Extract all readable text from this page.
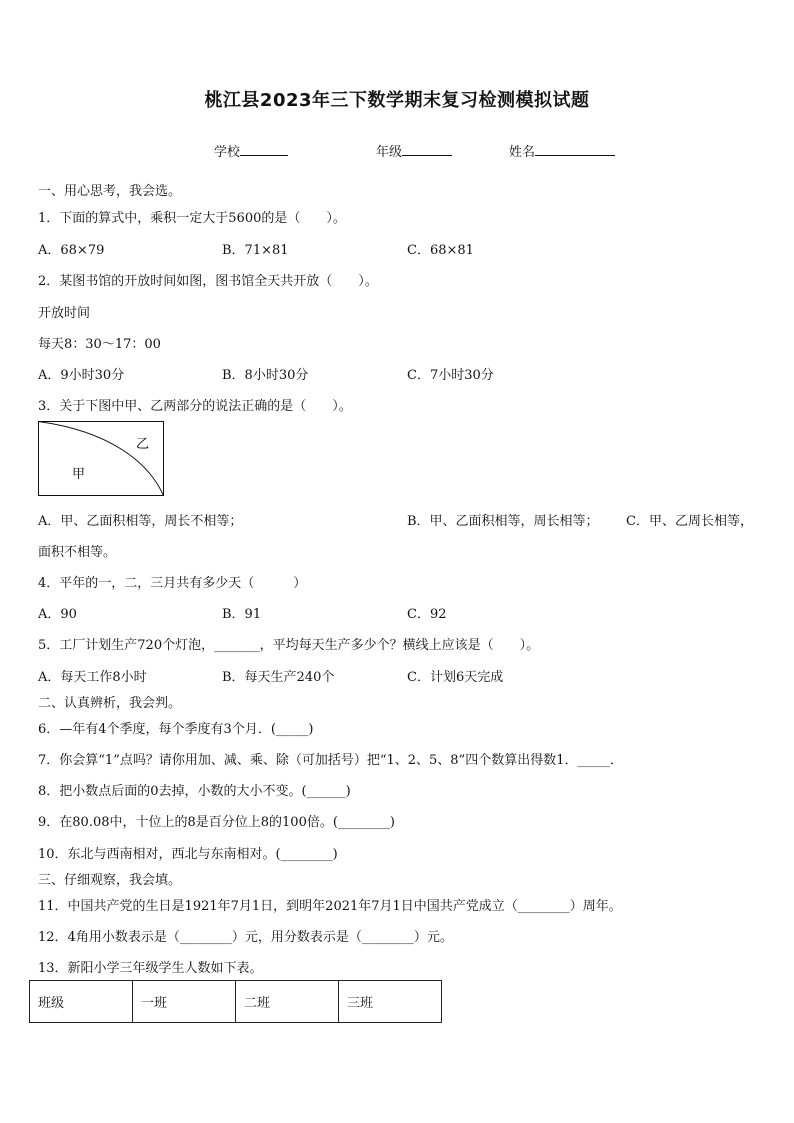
桃江县2023年三下数学期末复习检测模拟试题
学校	年级	姓名
一、用心思考，我会选。
1．下面的算式中，乘积一定大于5600的是（　　）。
A．68×79	B．71×81	C．68×81
2．某图书馆的开放时间如图，图书馆全天共开放（　　）。
开放时间
每天8：30～17：00
A．9小时30分	B．8小时30分	C．7小时30分
3．关于下图中甲、乙两部分的说法正确的是（　　）。
甲
乙
A．甲、乙面积相等，周长不相等；	B．甲、乙面积相等，周长相等； C．甲、乙周长相等，
面积不相等。
4．平年的一，二，三月共有多少天（　　　）
A．90	B．91	C．92
5．工厂计划生产720个灯泡，_______，平均每天生产多少个？横线上应该是（　　）。
A．每天工作8小时	B．每天生产240个	C．计划6天完成
二、认真辨析，我会判。
6．—年有4个季度，每个季度有3个月．(_____)
7．你会算“1”点吗？请你用加、减、乘、除（可加括号）把“1、2、5、8”四个数算出得数1．_____．
8．把小数点后面的0去掉，小数的大小不变。(______)
9．在80.08中，十位上的8是百分位上8的100倍。(________)
10．东北与西南相对，西北与东南相对。(________)
三、仔细观察，我会填。
11．中国共产党的生日是1921年7月1日，到明年2021年7月1日中国共产党成立（________）周年。
12．4角用小数表示是（________）元，用分数表示是（________）元。
13．新阳小学三年级学生人数如下表。
班级	一班	二班	三班
